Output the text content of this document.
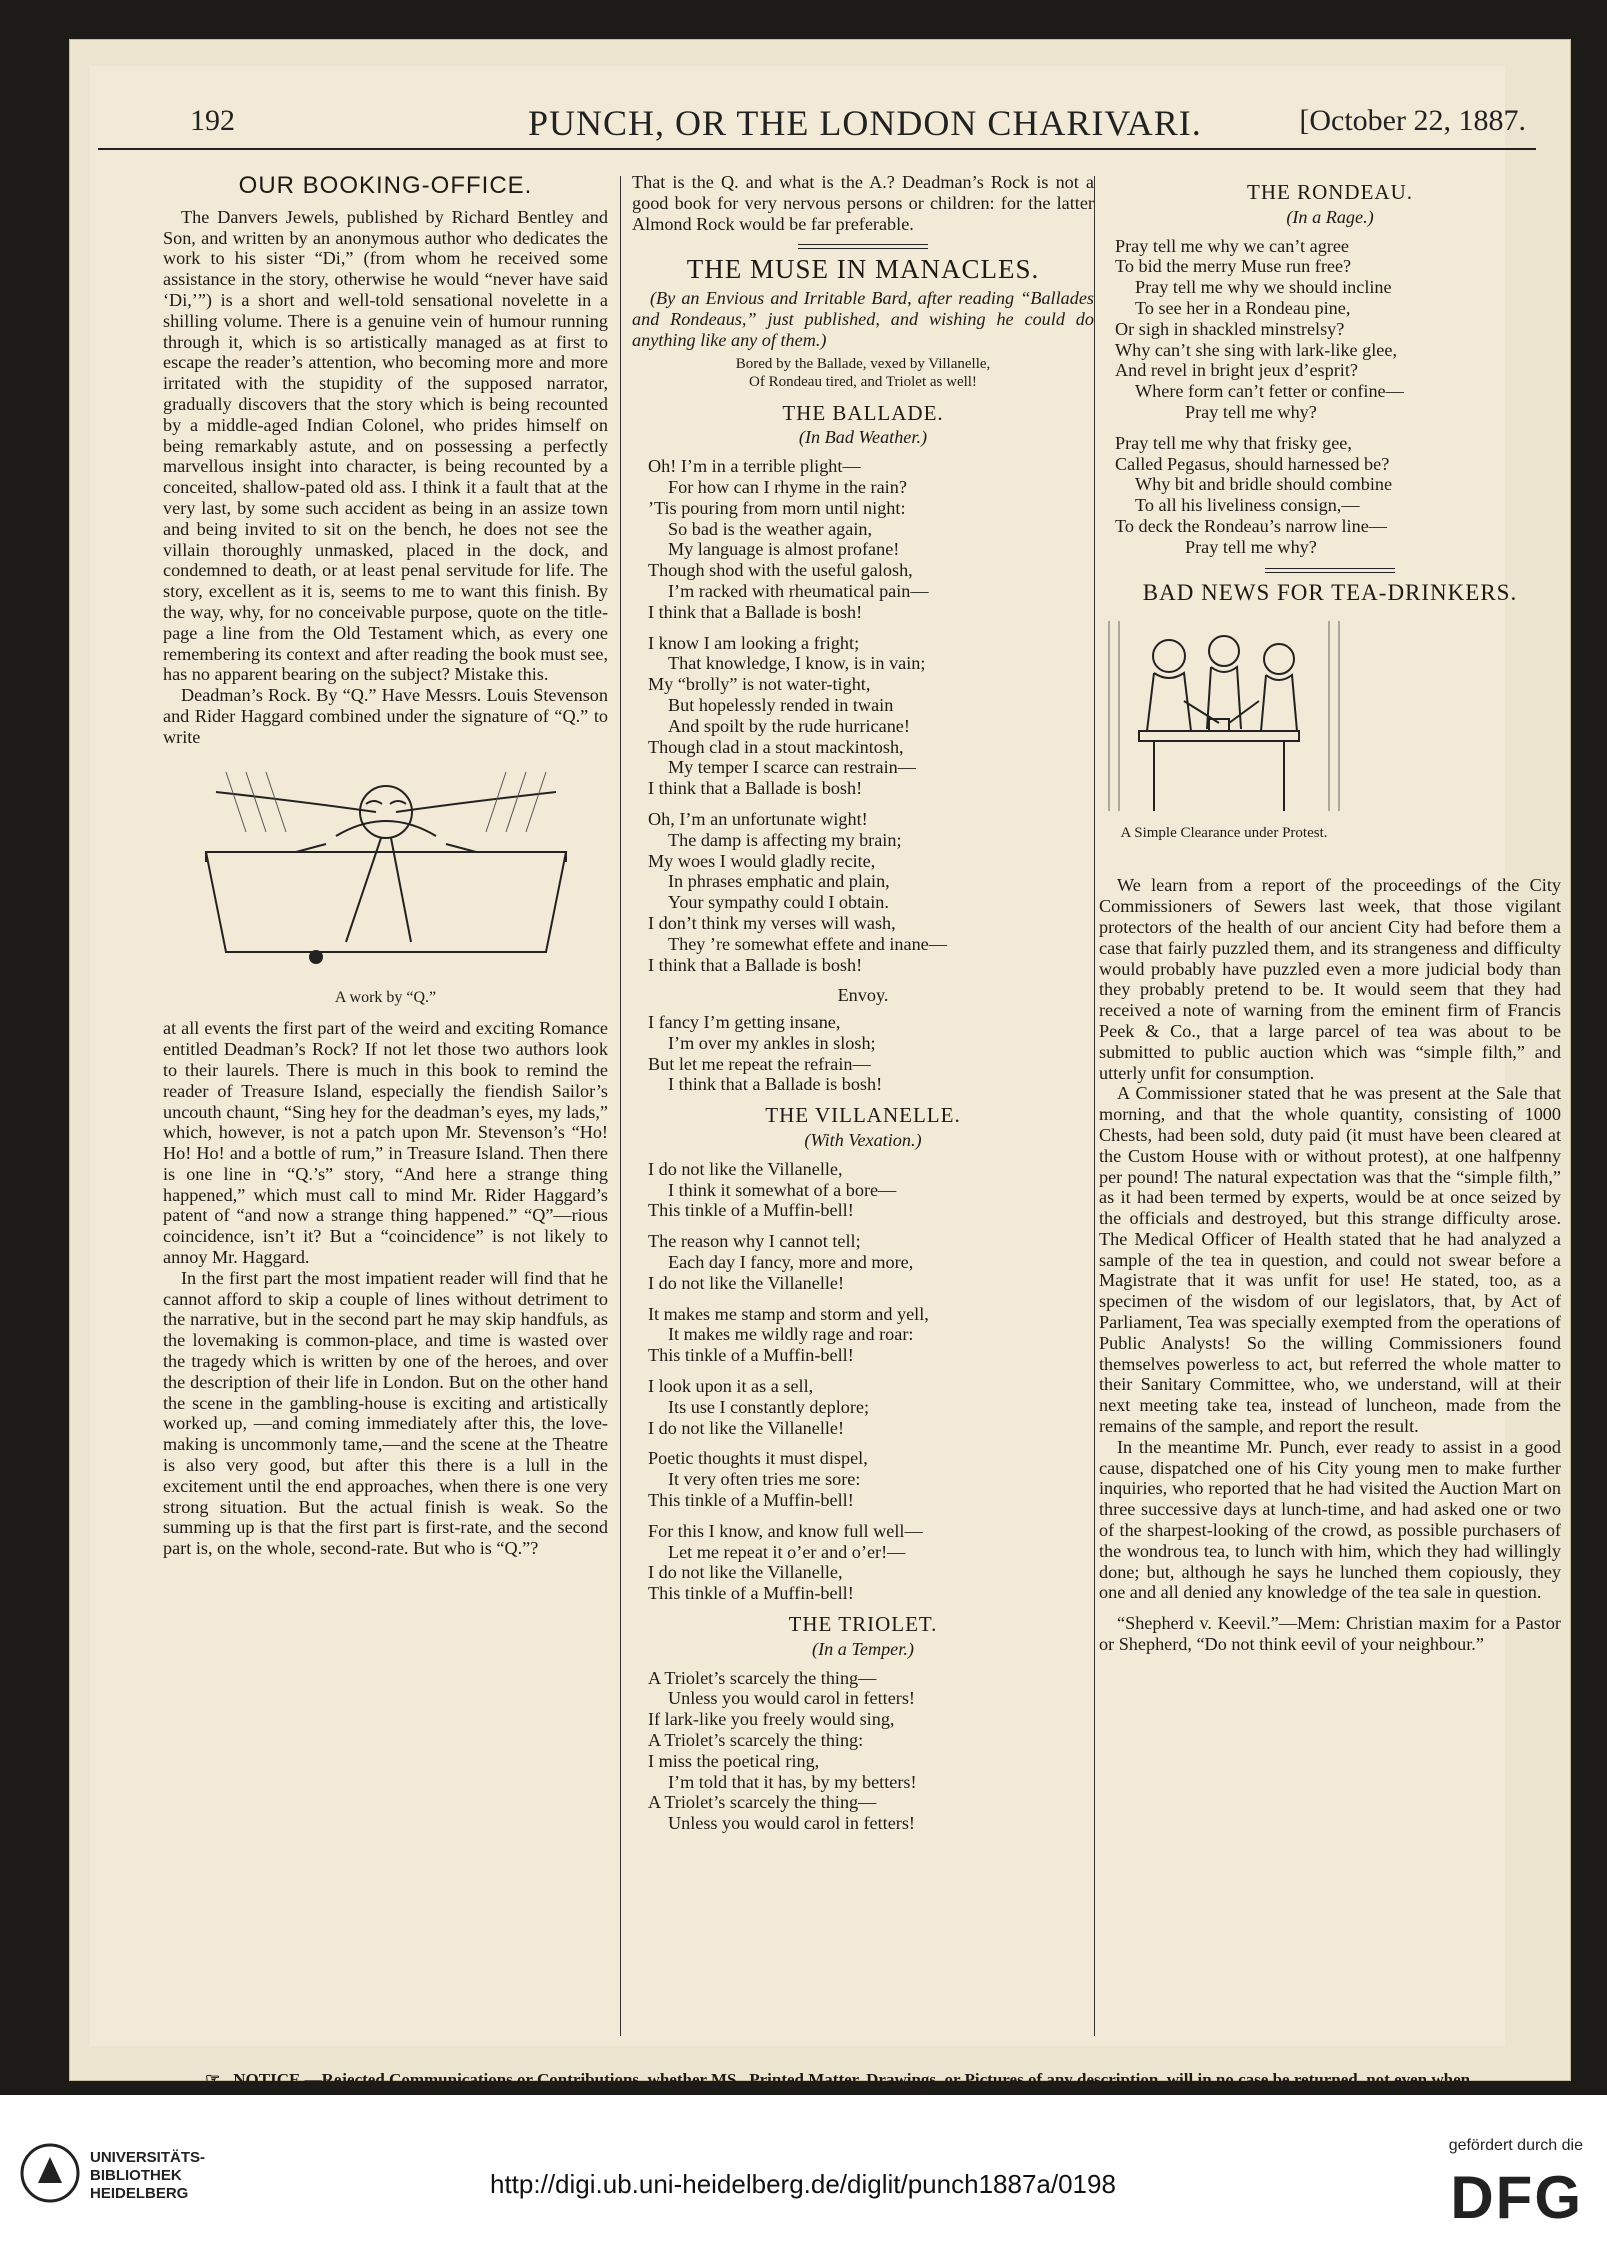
192	PUNCH, OR THE LONDON CHARIVARI.	[October 22, 1887.
OUR BOOKING-OFFICE.

The Danvers Jewels, published by Richard Bentley and Son, and written by an anonymous author who dedicates the work to his sister “Di,” (from whom he received some assistance in the story, otherwise he would “never have said ‘Di,’”) is a short and well-told sensational novelette in a shilling volume. There is a genuine vein of humour running through it, which is so artistically managed as at first to escape the reader’s attention, who becoming more and more irritated with the stupidity of the supposed narrator, gradually discovers that the story which is being recounted by a middle-aged Indian Colonel, who prides himself on being remarkably astute, and on possessing a perfectly marvellous insight into character, is being recounted by a conceited, shallow-pated old ass. I think it a fault that at the very last, by some such accident as being in an assize town and being invited to sit on the bench, he does not see the villain thoroughly unmasked, placed in the dock, and condemned to death, or at least penal servitude for life. The story, excellent as it is, seems to me to want this finish. By the way, why, for no conceivable purpose, quote on the title-page a line from the Old Testament which, as every one remembering its context and after reading the book must see, has no apparent bearing on the subject? Mistake this.

Deadman’s Rock. By “Q.” Have Messrs. Louis Stevenson and Rider Haggard combined under the signature of “Q.” to write

A work by “Q.”

at all events the first part of the weird and exciting Romance entitled Deadman’s Rock? If not let those two authors look to their laurels. There is much in this book to remind the reader of Treasure Island, especially the fiendish Sailor’s uncouth chaunt, “Sing hey for the deadman’s eyes, my lads,” which, however, is not a patch upon Mr. Stevenson’s “Ho! Ho! Ho! and a bottle of rum,” in Treasure Island. Then there is one line in “Q.’s” story, “And here a strange thing happened,” which must call to mind Mr. Rider Haggard’s patent of “and now a strange thing happened.” “Q”—rious coincidence, isn’t it? But a “coincidence” is not likely to annoy Mr. Haggard.

In the first part the most impatient reader will find that he cannot afford to skip a couple of lines without detriment to the narrative, but in the second part he may skip handfuls, as the lovemaking is common-place, and time is wasted over the tragedy which is written by one of the heroes, and over the description of their life in London. But on the other hand the scene in the gambling-house is exciting and artistically worked up, —and coming immediately after this, the love-making is uncommonly tame,—and the scene at the Theatre is also very good, but after this there is a lull in the excitement until the end approaches, when there is one very strong situation. But the actual finish is weak. So the summing up is that the first part is first-rate, and the second part is, on the whole, second-rate. But who is “Q.”?

That is the Q. and what is the A.? Deadman’s Rock is not a good book for very nervous persons or children: for the latter Almond Rock would be far preferable.

THE MUSE IN MANACLES.

(By an Envious and Irritable Bard, after reading “Ballades and Rondeaus,” just published, and wishing he could do anything like any of them.)

Bored by the Ballade, vexed by Villanelle,
Of Rondeau tired, and Triolet as well!
THE BALLADE.
(In Bad Weather.)
Oh! I’m in a terrible plight—
For how can I rhyme in the rain?
’Tis pouring from morn until night:
So bad is the weather again,
My language is almost profane!
Though shod with the useful galosh,
I’m racked with rheumatical pain—
I think that a Ballade is bosh!
I know I am looking a fright;
That knowledge, I know, is in vain;
My “brolly” is not water-tight,
But hopelessly rended in twain
And spoilt by the rude hurricane!
Though clad in a stout mackintosh,
My temper I scarce can restrain—
I think that a Ballade is bosh!
Oh, I’m an unfortunate wight!
The damp is affecting my brain;
My woes I would gladly recite,
In phrases emphatic and plain,
Your sympathy could I obtain.
I don’t think my verses will wash,
They ’re somewhat effete and inane—
I think that a Ballade is bosh!
Envoy.
I fancy I’m getting insane,
I’m over my ankles in slosh;
But let me repeat the refrain—
I think that a Ballade is bosh!
THE VILLANELLE.
(With Vexation.)
I do not like the Villanelle,
I think it somewhat of a bore—
This tinkle of a Muffin-bell!
The reason why I cannot tell;
Each day I fancy, more and more,
I do not like the Villanelle!
It makes me stamp and storm and yell,
It makes me wildly rage and roar:
This tinkle of a Muffin-bell!
I look upon it as a sell,
Its use I constantly deplore;
I do not like the Villanelle!
Poetic thoughts it must dispel,
It very often tries me sore:
This tinkle of a Muffin-bell!
For this I know, and know full well—
Let me repeat it o’er and o’er!—
I do not like the Villanelle,
This tinkle of a Muffin-bell!
THE TRIOLET.
(In a Temper.)
A Triolet’s scarcely the thing—
Unless you would carol in fetters!
If lark-like you freely would sing,
A Triolet’s scarcely the thing:
I miss the poetical ring,
I’m told that it has, by my betters!
A Triolet’s scarcely the thing—
Unless you would carol in fetters!
THE RONDEAU.
(In a Rage.)
Pray tell me why we can’t agree
To bid the merry Muse run free?
Pray tell me why we should incline
To see her in a Rondeau pine,
Or sigh in shackled minstrelsy?
Why can’t she sing with lark-like glee,
And revel in bright jeux d’esprit?
Where form can’t fetter or confine—
Pray tell me why?
Pray tell me why that frisky gee,
Called Pegasus, should harnessed be?
Why bit and bridle should combine
To all his liveliness consign,—
To deck the Rondeau’s narrow line—
Pray tell me why?
BAD NEWS FOR TEA-DRINKERS.
A Simple Clearance under Protest.

We learn from a report of the proceedings of the City Commissioners of Sewers last week, that those vigilant protectors of the health of our ancient City had before them a case that fairly puzzled them, and its strangeness and difficulty would probably have puzzled even a more judicial body than they probably pretend to be. It would seem that they had received a note of warning from the eminent firm of Francis Peek & Co., that a large parcel of tea was about to be submitted to public auction which was “simple filth,” and utterly unfit for consumption.

A Commissioner stated that he was present at the Sale that morning, and that the whole quantity, consisting of 1000 Chests, had been sold, duty paid (it must have been cleared at the Custom House with or without protest), at one halfpenny per pound! The natural expectation was that the “simple filth,” as it had been termed by experts, would be at once seized by the officials and destroyed, but this strange difficulty arose. The Medical Officer of Health stated that he had analyzed a sample of the tea in question, and could not swear before a Magistrate that it was unfit for use! He stated, too, as a specimen of the wisdom of our legislators, that, by Act of Parliament, Tea was specially exempted from the operations of Public Analysts! So the willing Commissioners found themselves powerless to act, but referred the whole matter to their Sanitary Committee, who, we understand, will at their next meeting take tea, instead of luncheon, made from the remains of the sample, and report the result.

In the meantime Mr. Punch, ever ready to assist in a good cause, dispatched one of his City young men to make further inquiries, who reported that he had visited the Auction Mart on three successive days at lunch-time, and had asked one or two of the sharpest-looking of the crowd, as possible purchasers of the wondrous tea, to lunch with him, which they had willingly done; but, although he says he lunched them copiously, they one and all denied any knowledge of the tea sale in question.

“Shepherd v. Keevil.”—Mem: Christian maxim for a Pastor or Shepherd, “Do not think eevil of your neighbour.”

☞ NOTICE.—Rejected Communications or Contributions, whether MS., Printed Matter, Drawings, or Pictures of any description, will in no case be returned, not even when
UNIVERSITÄTS-
BIBLIOTHEK
HEIDELBERG	http://digi.ub.uni-heidelberg.de/diglit/punch1887a/0198
gefördert durch die
DFG
